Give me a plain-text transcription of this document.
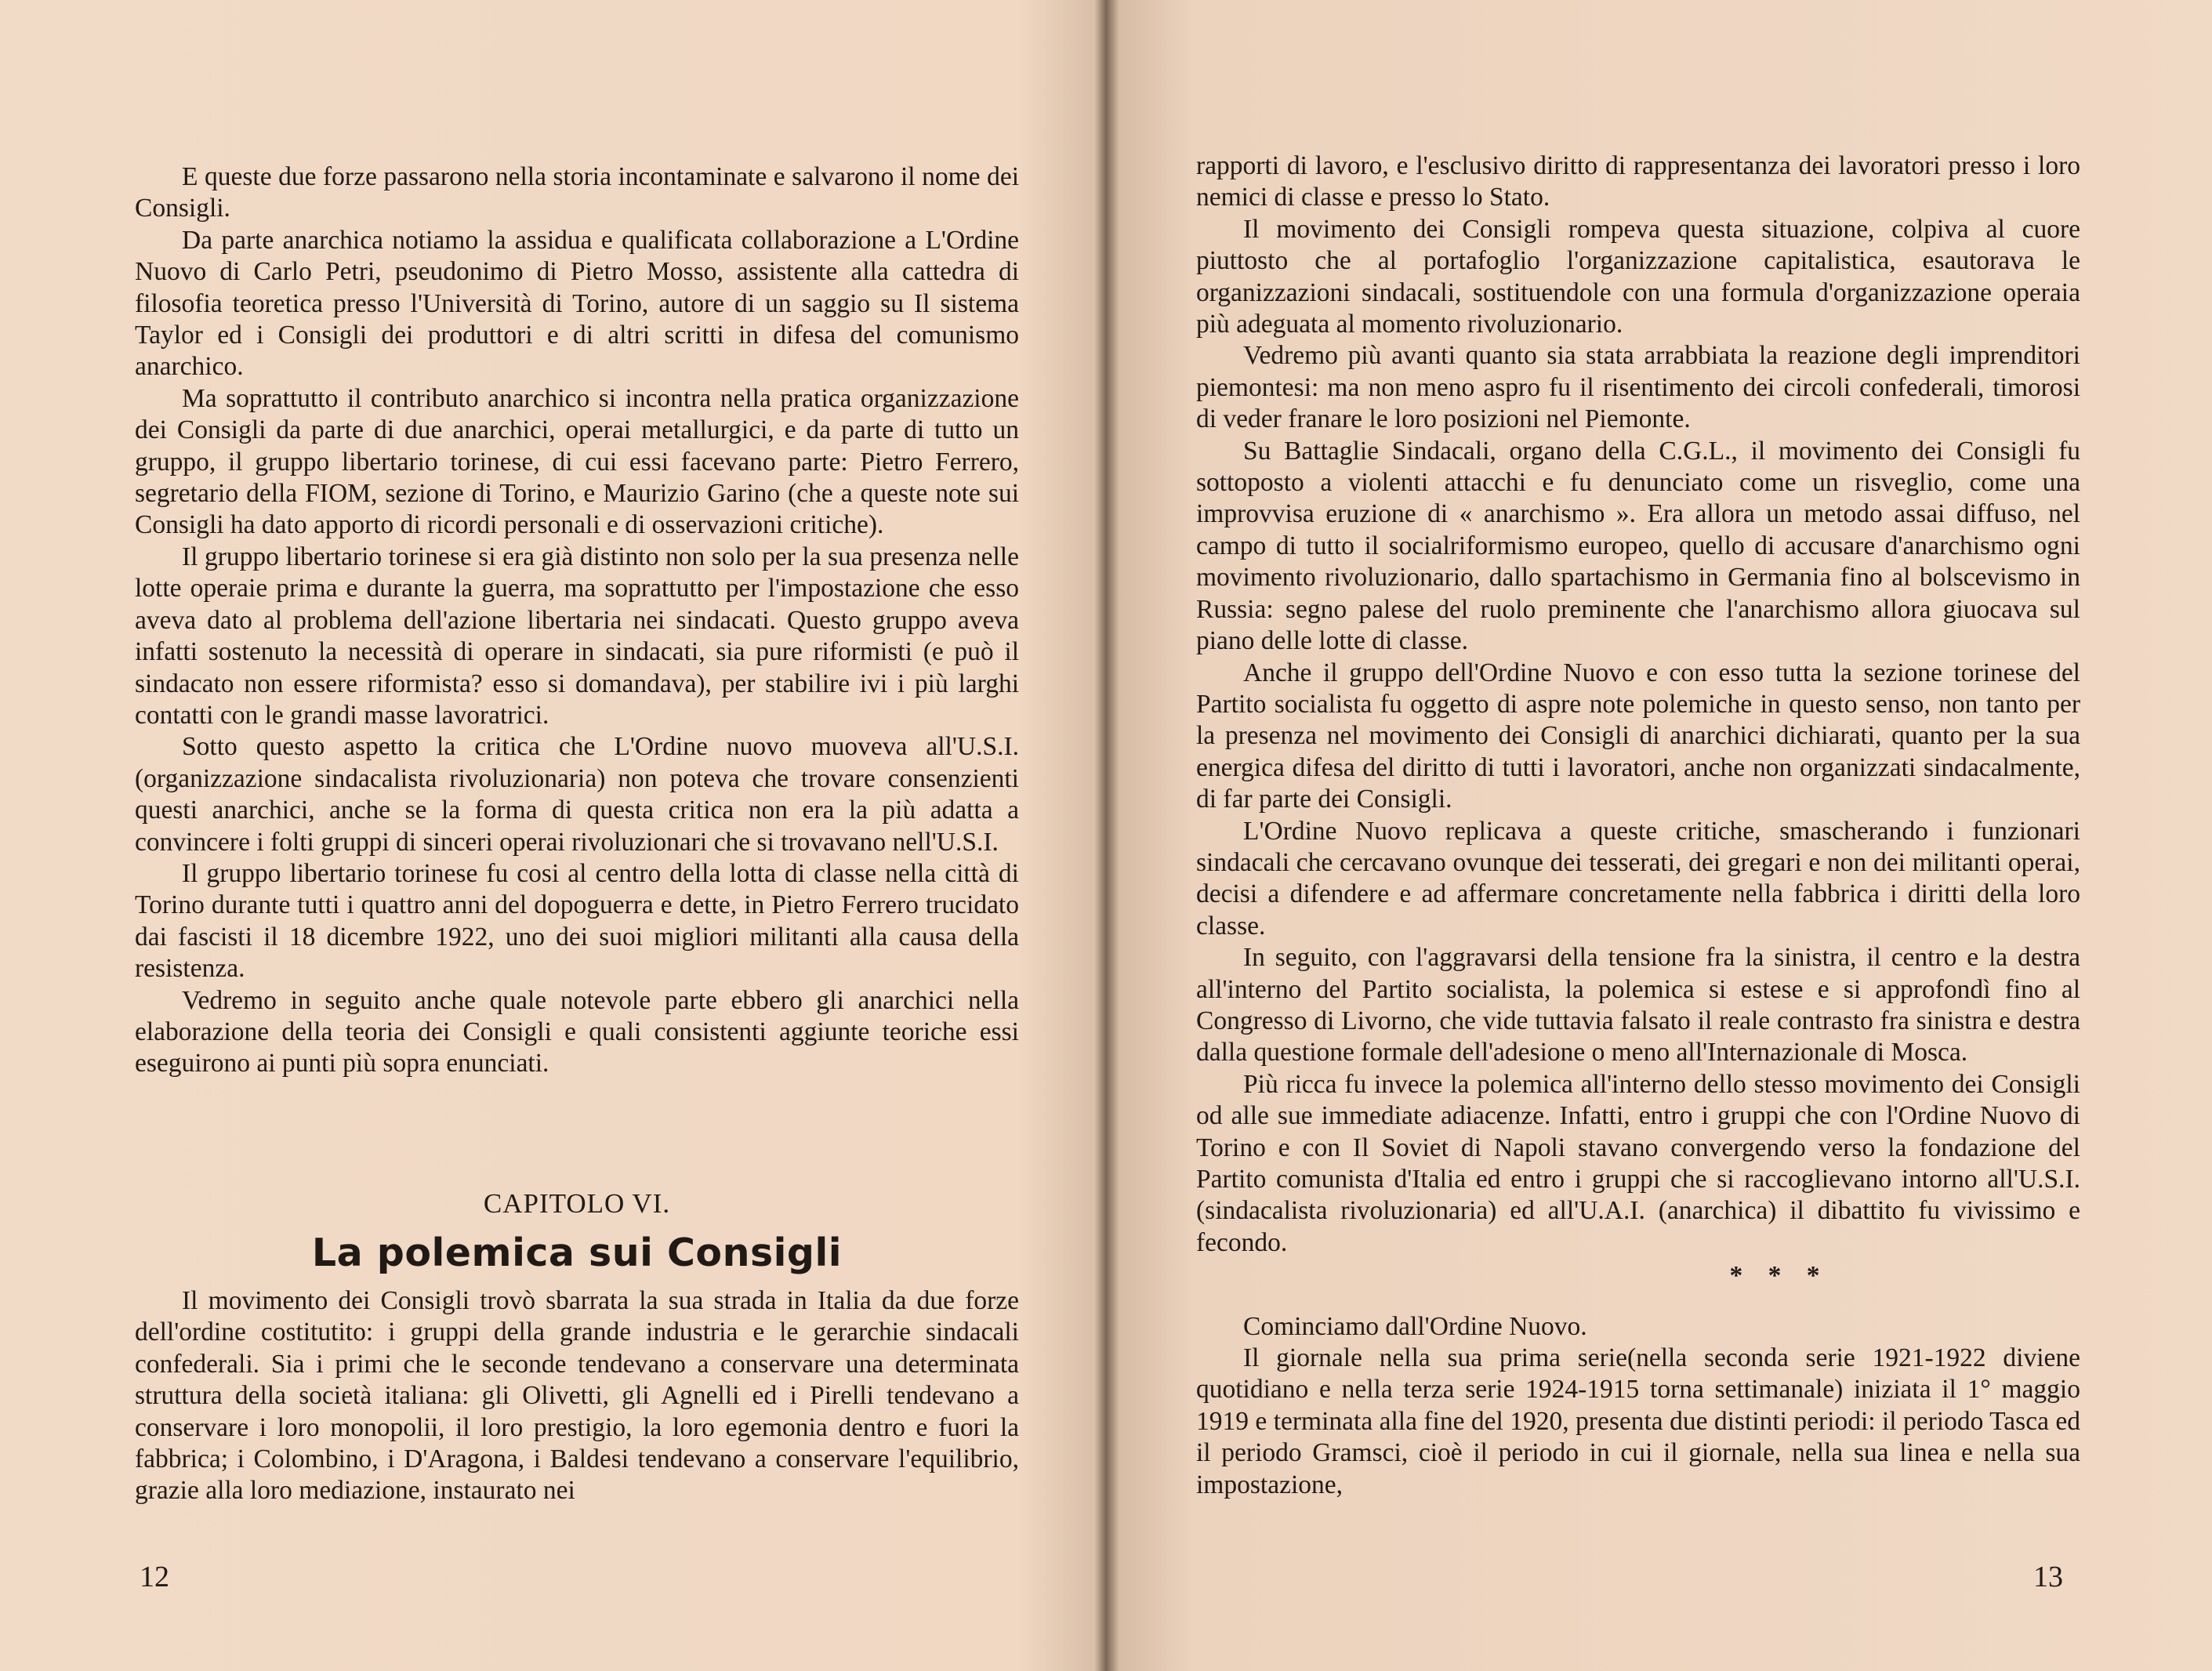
E queste due forze passarono nella storia incontaminate e salvarono il nome dei Consigli.

Da parte anarchica notiamo la assidua e qualificata collaborazione a L'Ordine Nuovo di Carlo Petri, pseudonimo di Pietro Mosso, assistente alla cattedra di filosofia teoretica presso l'Università di Torino, autore di un saggio su Il sistema Taylor ed i Consigli dei produttori e di altri scritti in difesa del comunismo anarchico.

Ma soprattutto il contributo anarchico si incontra nella pratica organizzazione dei Consigli da parte di due anarchici, operai metallurgici, e da parte di tutto un gruppo, il gruppo libertario torinese, di cui essi facevano parte: Pietro Ferrero, segretario della FIOM, sezione di Torino, e Maurizio Garino (che a queste note sui Consigli ha dato apporto di ricordi personali e di osservazioni critiche).

Il gruppo libertario torinese si era già distinto non solo per la sua presenza nelle lotte operaie prima e durante la guerra, ma soprattutto per l'impostazione che esso aveva dato al problema dell'azione libertaria nei sindacati. Questo gruppo aveva infatti sostenuto la necessità di operare in sindacati, sia pure riformisti (e può il sindacato non essere riformista? esso si domandava), per stabilire ivi i più larghi contatti con le grandi masse lavoratrici.

Sotto questo aspetto la critica che L'Ordine nuovo muoveva all'U.S.I. (organizzazione sindacalista rivoluzionaria) non poteva che trovare consenzienti questi anarchici, anche se la forma di questa critica non era la più adatta a convincere i folti gruppi di sinceri operai rivoluzionari che si trovavano nell'U.S.I.

Il gruppo libertario torinese fu cosi al centro della lotta di classe nella città di Torino durante tutti i quattro anni del dopoguerra e dette, in Pietro Ferrero trucidato dai fascisti il 18 dicembre 1922, uno dei suoi migliori militanti alla causa della resistenza.

Vedremo in seguito anche quale notevole parte ebbero gli anarchici nella elaborazione della teoria dei Consigli e quali consistenti aggiunte teoriche essi eseguirono ai punti più sopra enunciati.

CAPITOLO VI.
La polemica sui Consigli

Il movimento dei Consigli trovò sbarrata la sua strada in Italia da due forze dell'ordine costitutito: i gruppi della grande industria e le gerarchie sindacali confederali. Sia i primi che le seconde tendevano a conservare una determinata struttura della società italiana: gli Olivetti, gli Agnelli ed i Pirelli tendevano a conservare i loro monopolii, il loro prestigio, la loro egemonia dentro e fuori la fabbrica; i Colombino, i D'Aragona, i Baldesi tendevano a conservare l'equilibrio, grazie alla loro mediazione, instaurato nei

12

rapporti di lavoro, e l'esclusivo diritto di rappresentanza dei lavoratori presso i loro nemici di classe e presso lo Stato.

Il movimento dei Consigli rompeva questa situazione, colpiva al cuore piuttosto che al portafoglio l'organizzazione capitalistica, esautorava le organizzazioni sindacali, sostituendole con una formula d'organizzazione operaia più adeguata al momento rivoluzionario.

Vedremo più avanti quanto sia stata arrabbiata la reazione degli imprenditori piemontesi: ma non meno aspro fu il risentimento dei circoli confederali, timorosi di veder franare le loro posizioni nel Piemonte.

Su Battaglie Sindacali, organo della C.G.L., il movimento dei Consigli fu sottoposto a violenti attacchi e fu denunciato come un risveglio, come una improvvisa eruzione di « anarchismo ». Era allora un metodo assai diffuso, nel campo di tutto il socialriformismo europeo, quello di accusare d'anarchismo ogni movimento rivoluzionario, dallo spartachismo in Germania fino al bolscevismo in Russia: segno palese del ruolo preminente che l'anarchismo allora giuocava sul piano delle lotte di classe.

Anche il gruppo dell'Ordine Nuovo e con esso tutta la sezione torinese del Partito socialista fu oggetto di aspre note polemiche in questo senso, non tanto per la presenza nel movimento dei Consigli di anarchici dichiarati, quanto per la sua energica difesa del diritto di tutti i lavoratori, anche non organizzati sindacalmente, di far parte dei Consigli.

L'Ordine Nuovo replicava a queste critiche, smascherando i funzionari sindacali che cercavano ovunque dei tesserati, dei gregari e non dei militanti operai, decisi a difendere e ad affermare concretamente nella fabbrica i diritti della loro classe.

In seguito, con l'aggravarsi della tensione fra la sinistra, il centro e la destra all'interno del Partito socialista, la polemica si estese e si approfondì fino al Congresso di Livorno, che vide tuttavia falsato il reale contrasto fra sinistra e destra dalla questione formale dell'adesione o meno all'Internazionale di Mosca.

Più ricca fu invece la polemica all'interno dello stesso movimento dei Consigli od alle sue immediate adiacenze. Infatti, entro i gruppi che con l'Ordine Nuovo di Torino e con Il Soviet di Napoli stavano convergendo verso la fondazione del Partito comunista d'Italia ed entro i gruppi che si raccoglievano intorno all'U.S.I. (sindacalista rivoluzionaria) ed all'U.A.I. (anarchica) il dibattito fu vivissimo e fecondo.

* * *

Cominciamo dall'Ordine Nuovo.

Il giornale nella sua prima serie(nella seconda serie 1921-1922 diviene quotidiano e nella terza serie 1924-1915 torna settimanale) iniziata il 1° maggio 1919 e terminata alla fine del 1920, presenta due distinti periodi: il periodo Tasca ed il periodo Gramsci, cioè il periodo in cui il giornale, nella sua linea e nella sua impostazione,

13
